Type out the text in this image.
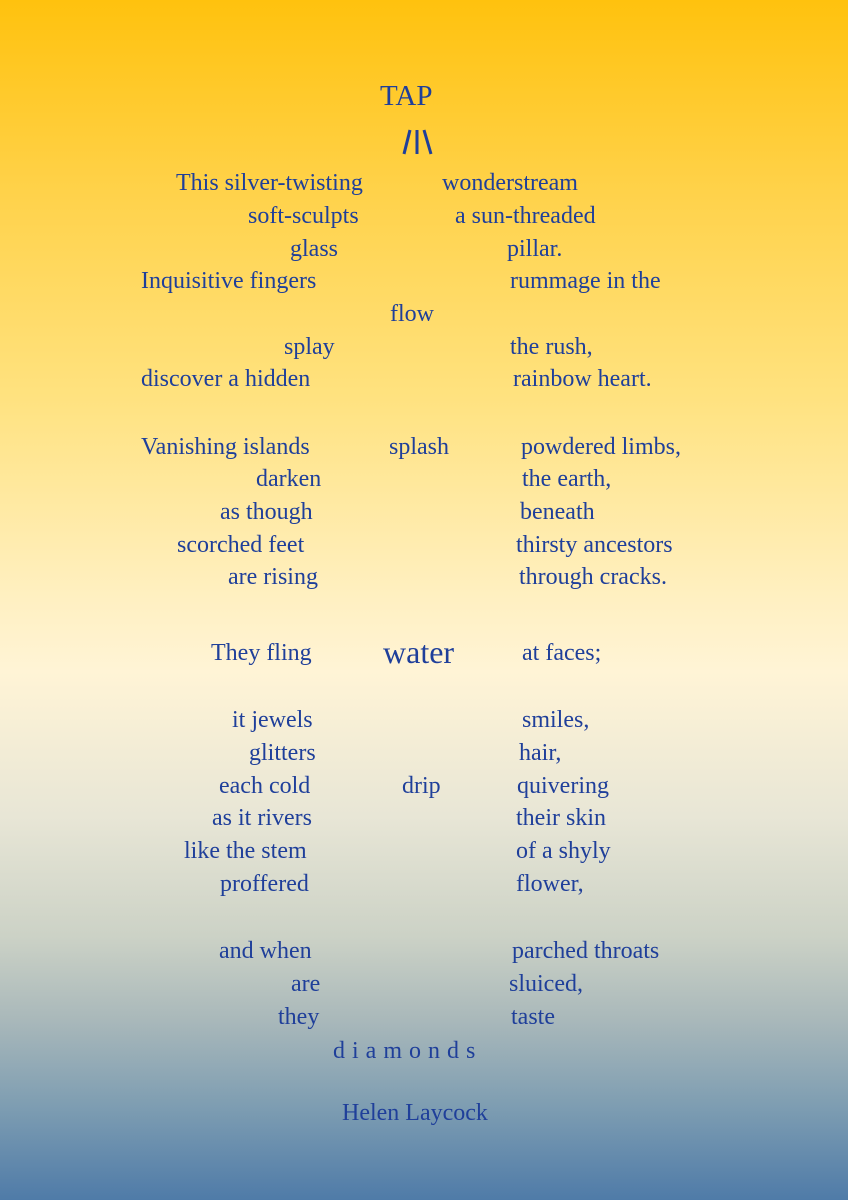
TAP
This silver-twisting	wonderstream
soft-sculpts	a sun-threaded
glass	pillar.
Inquisitive fingers	rummage in the
flow
splay	the rush,
discover a hidden	rainbow heart.
Vanishing islands	splash	powdered limbs,
darken	the earth,
as though	beneath
scorched feet	thirsty ancestors
are rising	through cracks.
They fling water	at faces;
it jewels	smiles,
glitters	hair,
each cold	drip	quivering
as it rivers	their skin
like the stem	of a shyly
proffered	flower,
and when	parched throats
are	sluiced,
they	taste
diamonds
Helen Laycock
